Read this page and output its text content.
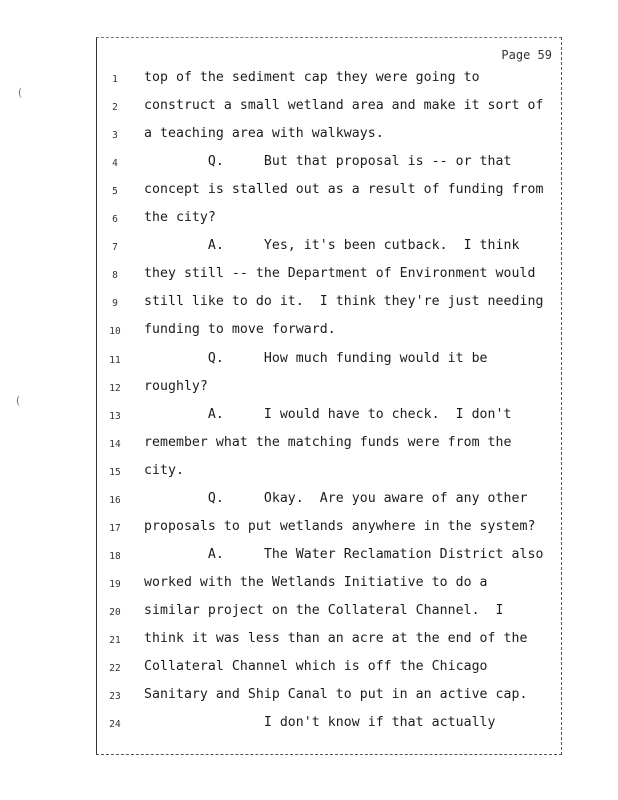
(
(
Page 59
1	top of the sediment cap they were going to
2	construct a small wetland area and make it sort of
3	a teaching area with walkways.
4	Q.     But that proposal is -- or that
5	concept is stalled out as a result of funding from
6	the city?
7	A.     Yes, it's been cutback.  I think
8	they still -- the Department of Environment would
9	still like to do it.  I think they're just needing
10	funding to move forward.
11	Q.     How much funding would it be
12	roughly?
13	A.     I would have to check.  I don't
14	remember what the matching funds were from the
15	city.
16	Q.     Okay.  Are you aware of any other
17	proposals to put wetlands anywhere in the system?
18	A.     The Water Reclamation District also
19	worked with the Wetlands Initiative to do a
20	similar project on the Collateral Channel.  I
21	think it was less than an acre at the end of the
22	Collateral Channel which is off the Chicago
23	Sanitary and Ship Canal to put in an active cap.
24	I don't know if that actually
